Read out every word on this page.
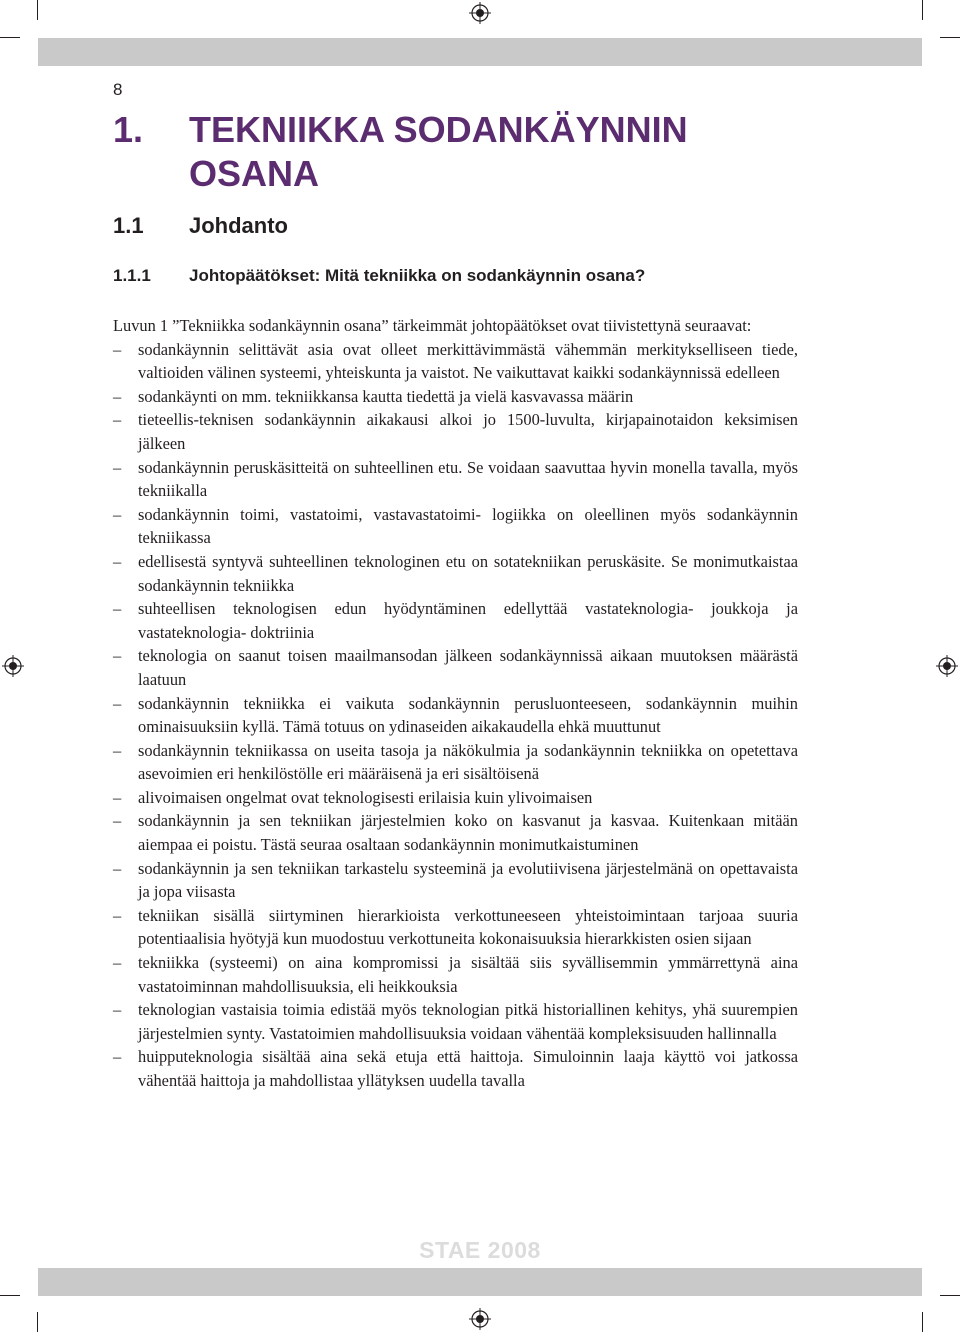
8
1. TEKNIIKKA SODANKÄYNNIN
OSANA
1.1 Johdanto
1.1.1 Johtopäätökset: Mitä tekniikka on sodankäynnin osana?

Luvun 1 ”Tekniikka sodankäynnin osana” tärkeimmät johtopäätökset ovat tiivistettynä seuraavat:

– sodankäynnin selittävät asia ovat olleet merkittävimmästä vähemmän merkitykselliseen tiede, valtioiden välinen systeemi, yhteiskunta ja vaistot. Ne vaikuttavat kaikki sodankäynnissä edelleen
– sodankäynti on mm. tekniikkansa kautta tiedettä ja vielä kasvavassa määrin
– tieteellis-teknisen sodankäynnin aikakausi alkoi jo 1500-luvulta, kirjapainotaidon keksimisen jälkeen
– sodankäynnin peruskäsitteitä on suhteellinen etu. Se voidaan saavuttaa hyvin monella tavalla, myös tekniikalla
– sodankäynnin toimi, vastatoimi, vastavastatoimi- logiikka on oleellinen myös sodankäynnin tekniikassa
– edellisestä syntyvä suhteellinen teknologinen etu on sotatekniikan peruskäsite. Se monimutkaistaa sodankäynnin tekniikka
– suhteellisen teknologisen edun hyödyntäminen edellyttää vastateknologia- joukkoja ja vastateknologia- doktriinia
– teknologia on saanut toisen maailmansodan jälkeen sodankäynnissä aikaan muutoksen määrästä laatuun
– sodankäynnin tekniikka ei vaikuta sodankäynnin perusluonteeseen, sodankäynnin muihin ominaisuuksiin kyllä. Tämä totuus on ydinaseiden aikakaudella ehkä muuttunut
– sodankäynnin tekniikassa on useita tasoja ja näkökulmia ja sodankäynnin tekniikka on opetettava asevoimien eri henkilöstölle eri määräisenä ja eri sisältöisenä
– alivoimaisen ongelmat ovat teknologisesti erilaisia kuin ylivoimaisen
– sodankäynnin ja sen tekniikan järjestelmien koko on kasvanut ja kasvaa. Kuitenkaan mitään aiempaa ei poistu. Tästä seuraa osaltaan sodankäynnin monimutkaistuminen
– sodankäynnin ja sen tekniikan tarkastelu systeeminä ja evolutiivisena järjestelmänä on opettavaista ja jopa viisasta
– tekniikan sisällä siirtyminen hierarkioista verkottuneeseen yhteistoimintaan tarjoaa suuria potentiaalisia hyötyjä kun muodostuu verkottuneita kokonaisuuksia hierarkkisten osien sijaan
– tekniikka (systeemi) on aina kompromissi ja sisältää siis syvällisemmin ymmärrettynä aina vastatoiminnan mahdollisuuksia, eli heikkouksia
– teknologian vastaisia toimia edistää myös teknologian pitkä historiallinen kehitys, yhä suurempien järjestelmien synty. Vastatoimien mahdollisuuksia voidaan vähentää kompleksisuuden hallinnalla
– huipputeknologia sisältää aina sekä etuja että haittoja. Simuloinnin laaja käyttö voi jatkossa vähentää haittoja ja mahdollistaa yllätyksen uudella tavalla
STAE 2008
